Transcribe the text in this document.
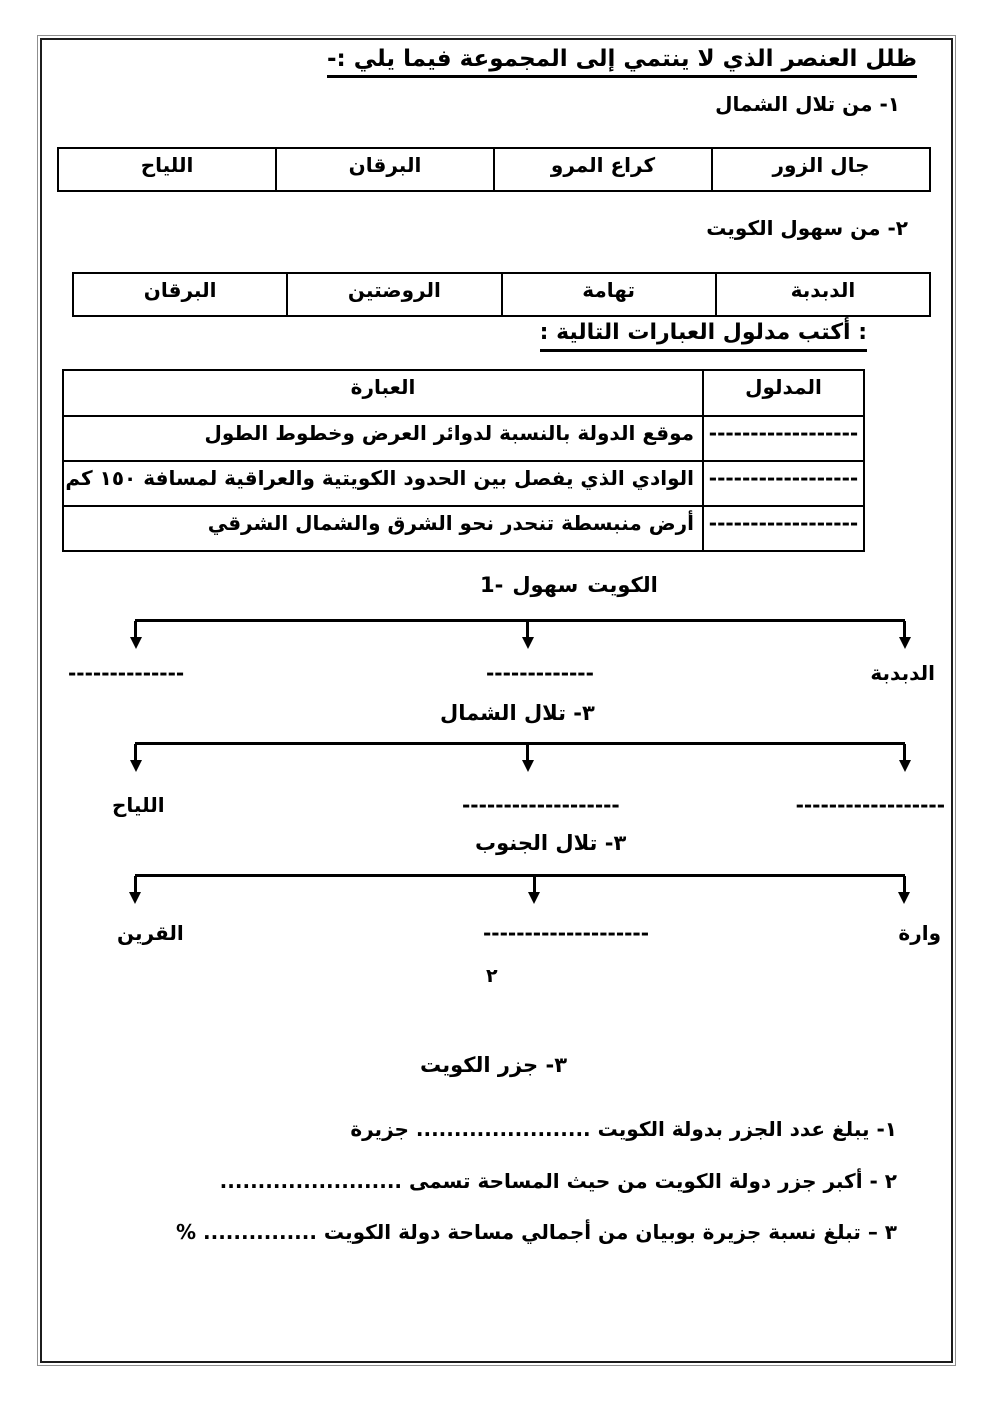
ظلل العنصر الذي لا ينتمي إلى المجموعة فيما يلي :-
١- من تلال الشمال
جال الزور
كراع المرو
البرقان
اللياح
٢- من سهول الكويت
الدبدبة
تهامة
الروضتين
البرقان
: أكتب مدلول العبارات التالية :
المدلول
العبارة
------------------
موقع الدولة بالنسبة لدوائر العرض وخطوط الطول
------------------
الوادي الذي يفصل بين الحدود الكويتية والعراقية لمسافة ١٥٠ كم
------------------
أرض منبسطة تنحدر نحو الشرق والشمال الشرقي
1- سهول الكويت
الدبدبة
-------------
--------------
٣- تلال الشمال
------------------
-------------------
اللياح
٣- تلال الجنوب
وارة
--------------------
القرين
٢
٣- جزر الكويت
١- يبلغ عدد الجزر بدولة الكويت ....................... جزيرة
٢ - أكبر جزر دولة الكويت من حيث المساحة تسمى ........................
٣ – تبلغ نسبة جزيرة بوبيان من أجمالي مساحة دولة الكويت ............... %
